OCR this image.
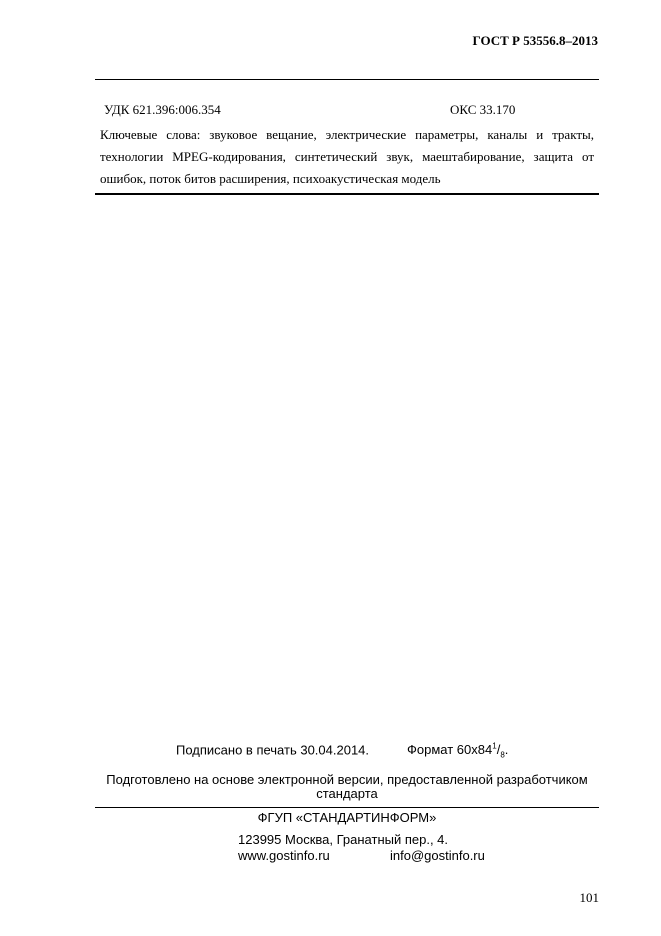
ГОСТ Р 53556.8–2013
УДК 621.396:006.354	ОКС 33.170
Ключевые слова: звуковое вещание, электрические параметры, каналы и тракты, технологии MPEG-кодирования, синтетический звук, маештабирование, защита от ошибок, поток битов расширения, психоакустическая модель
Подписано в печать 30.04.2014.	Формат $60x84^1/_8$.
Подготовлено на основе электронной версии, предоставленной разработчиком стандарта
ФГУП «СТАНДАРТИНФОРМ»
123995 Москва, Гранатный пер., 4.
www.gostinfo.ru	info@gostinfo.ru
101
